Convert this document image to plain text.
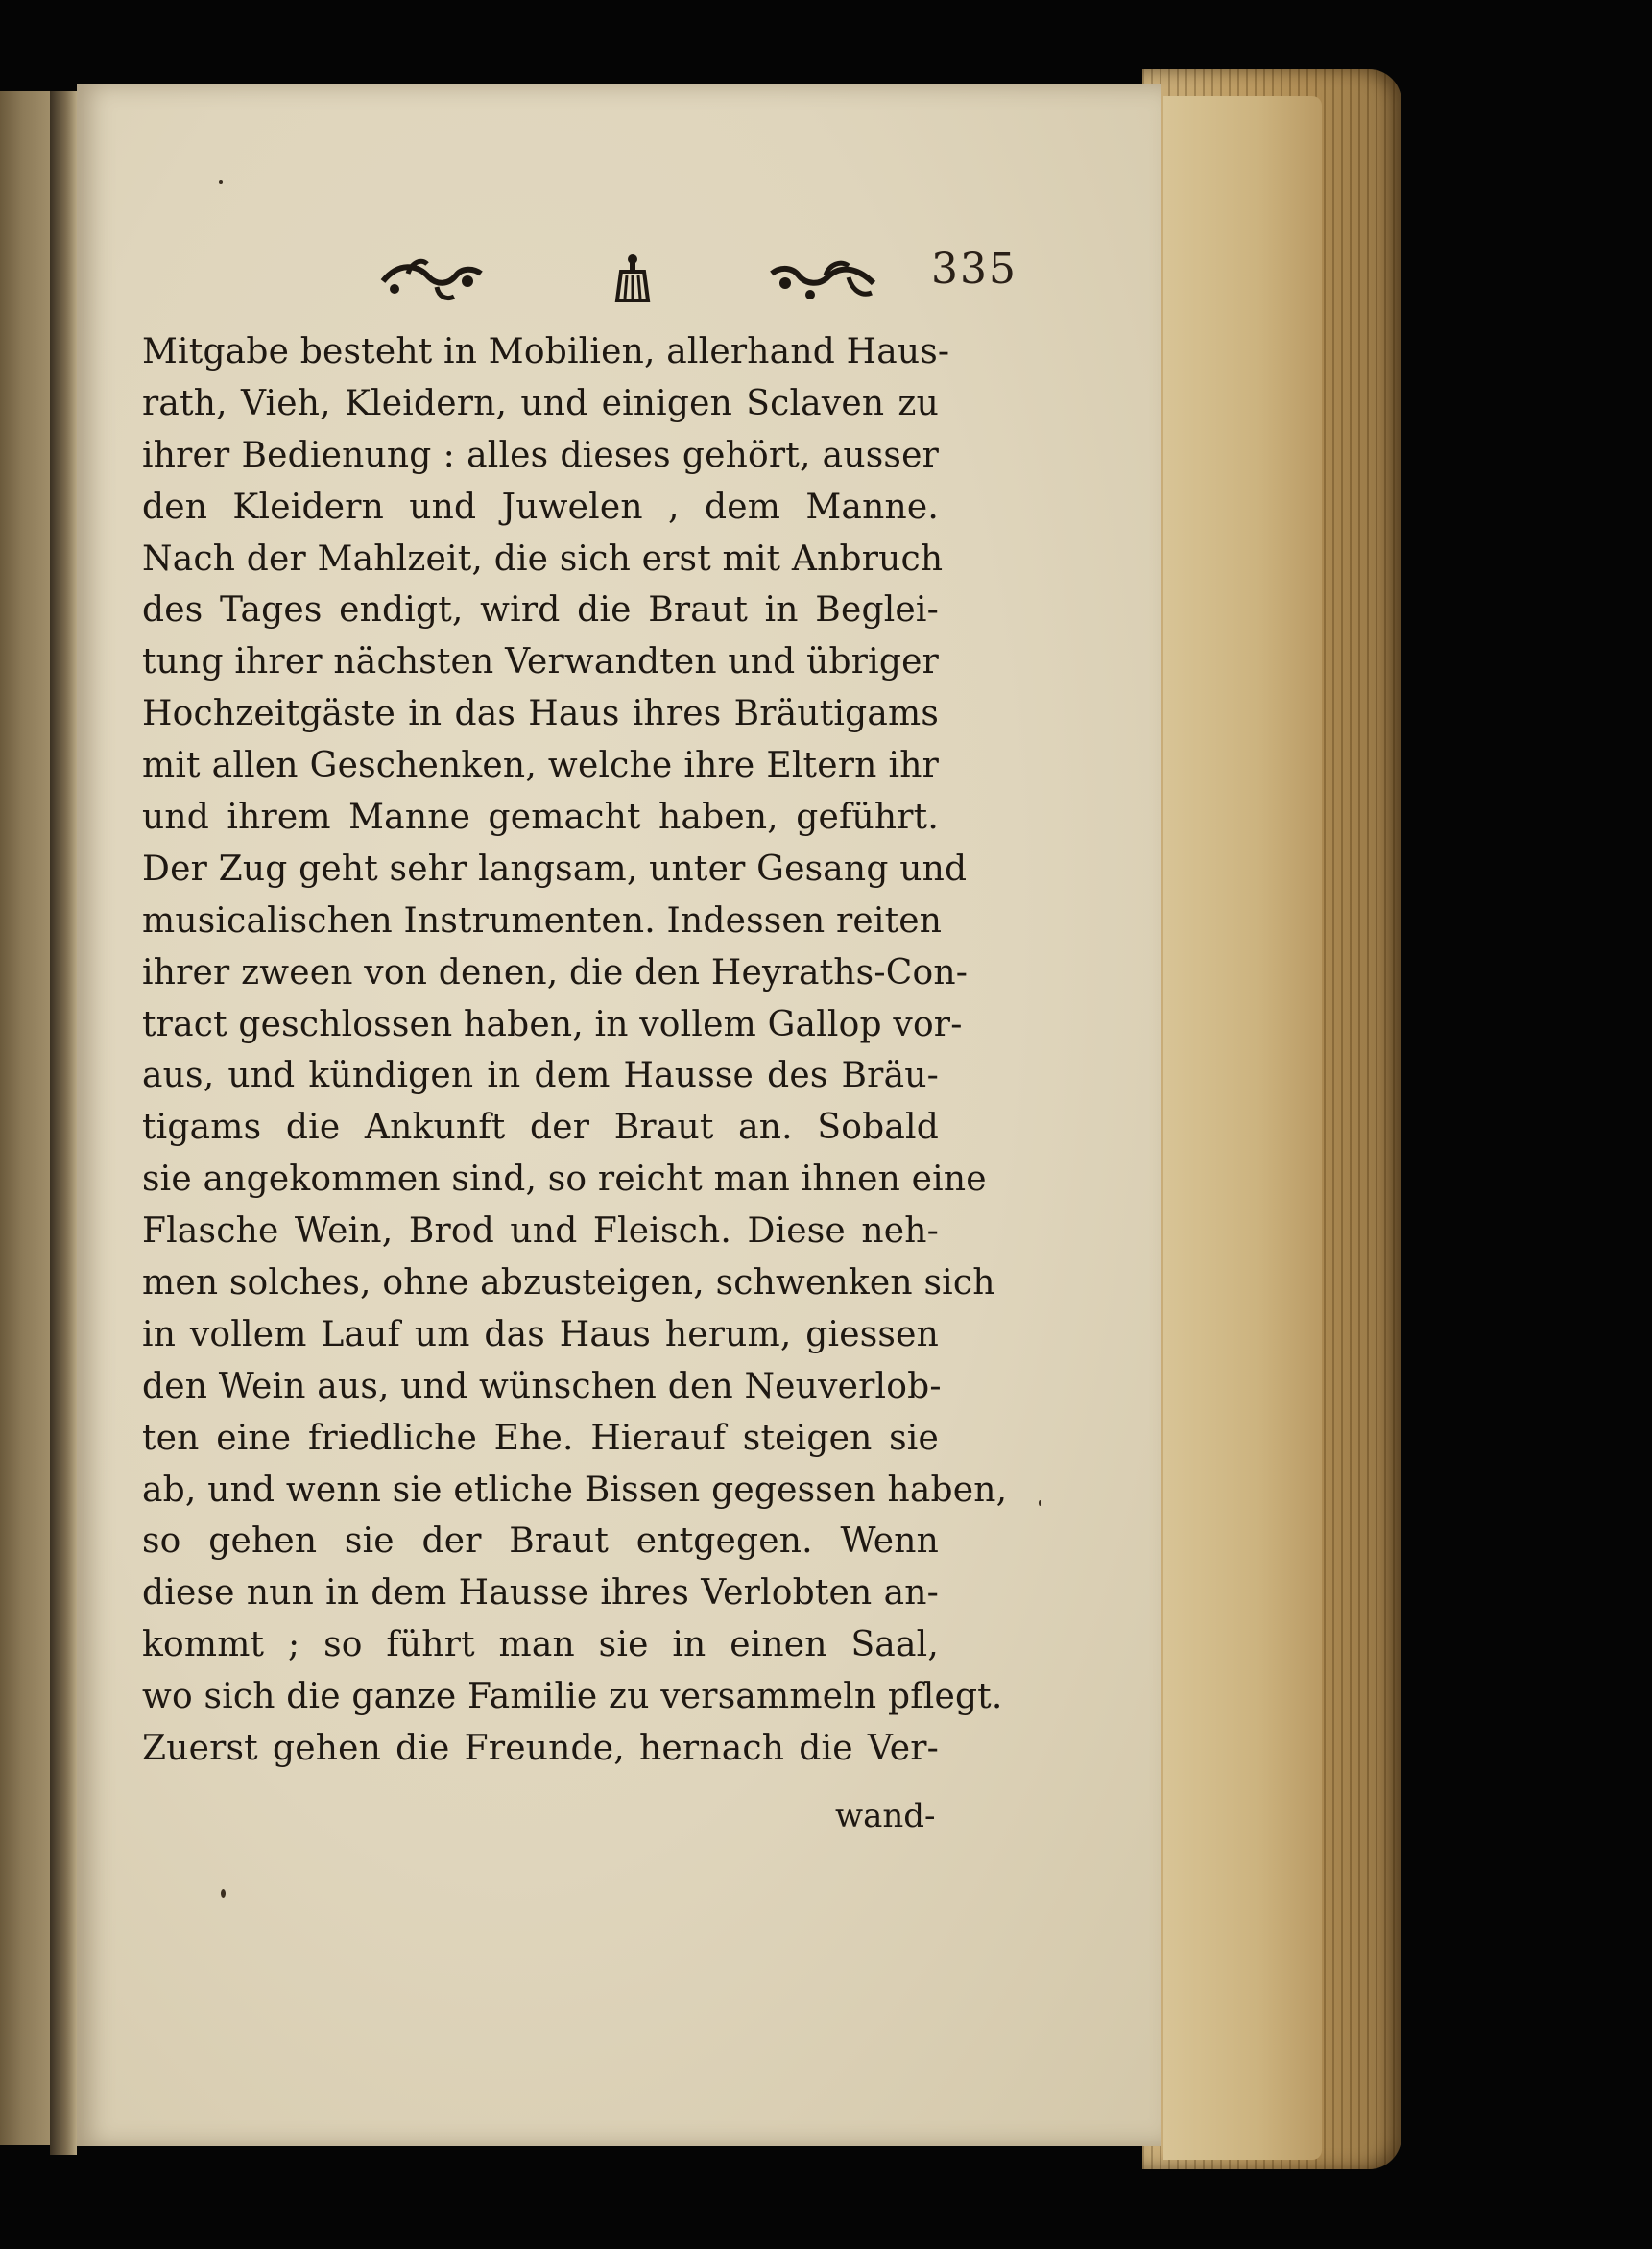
335
Mitgabe besteht in Mobilien, allerhand Haus-
rath, Vieh, Kleidern, und einigen Sclaven zu
ihrer Bedienung : alles dieses gehört, ausser
den Kleidern und Juwelen , dem Manne.
Nach der Mahlzeit, die sich erst mit Anbruch
des Tages endigt, wird die Braut in Beglei-
tung ihrer nächsten Verwandten und übriger
Hochzeitgäste in das Haus ihres Bräutigams
mit allen Geschenken, welche ihre Eltern ihr
und ihrem Manne gemacht haben, geführt.
Der Zug geht sehr langsam, unter Gesang und
musicalischen Instrumenten. Indessen reiten
ihrer zween von denen, die den Heyraths-Con-
tract geschlossen haben, in vollem Gallop vor-
aus, und kündigen in dem Hausse des Bräu-
tigams die Ankunft der Braut an. Sobald
sie angekommen sind, so reicht man ihnen eine
Flasche Wein, Brod und Fleisch. Diese neh-
men solches, ohne abzusteigen, schwenken sich
in vollem Lauf um das Haus herum, giessen
den Wein aus, und wünschen den Neuverlob-
ten eine friedliche Ehe. Hierauf steigen sie
ab, und wenn sie etliche Bissen gegessen haben,
so gehen sie der Braut entgegen. Wenn
diese nun in dem Hausse ihres Verlobten an-
kommt ; so führt man sie in einen Saal,
wo sich die ganze Familie zu versammeln pflegt.
Zuerst gehen die Freunde, hernach die Ver-
wand-
